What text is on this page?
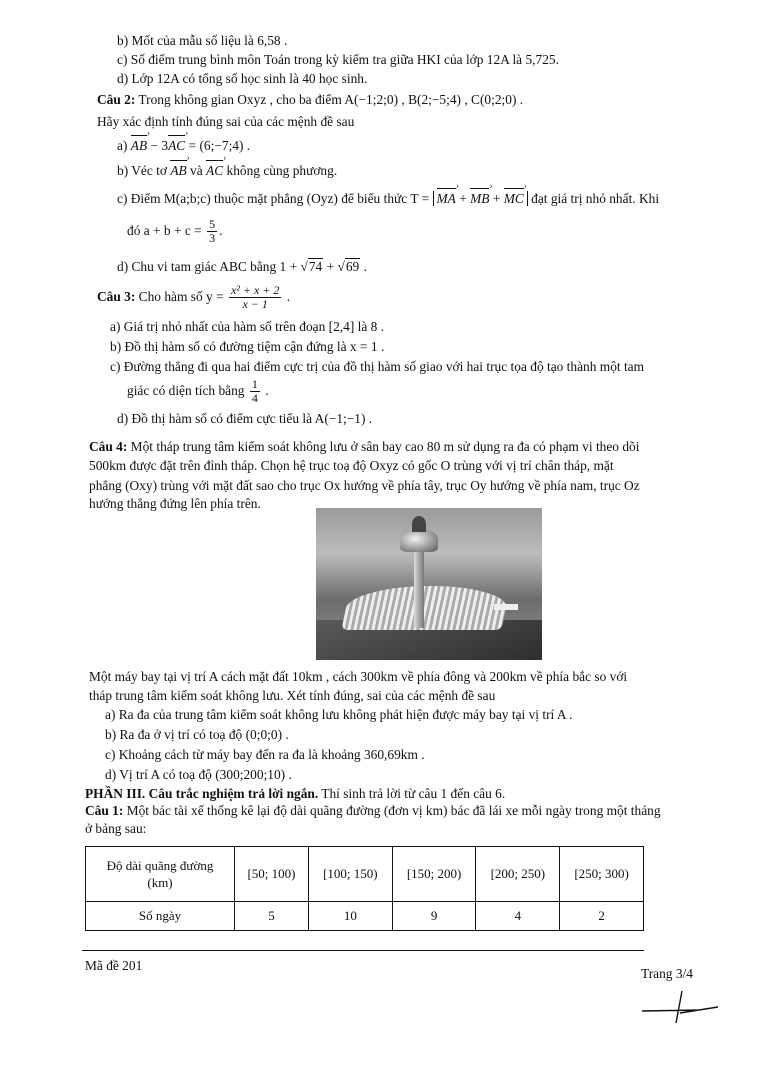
b) Mốt của mẫu số liệu là 6,58 .
c) Số điểm trung bình môn Toán trong kỳ kiểm tra giữa HKI của lớp 12A là 5,725.
d) Lớp 12A có tổng số học sinh là 40 học sinh.
Câu 2: Trong không gian Oxyz , cho ba điểm A(−1;2;0) , B(2;−5;4) , C(0;2;0) .
Hãy xác định tính đúng sai của các mệnh đề sau
a) AB › − 3AC › = (6;−7;4) .
b) Véc tơ AB › và AC › không cùng phương.
c) Điểm M(a;b;c) thuộc mặt phẳng (Oyz) để biểu thức T = MA › + MB › + MC › đạt giá trị nhỏ nhất. Khi
đó $a + b + c = \frac{5}{3}$ .
d) Chu vi tam giác ABC bằng 1 + √74 + √69 .
Câu 3: Cho hàm số $y = \frac{\text{x² + x + 2}}{x - 1}$ .
a) Giá trị nhỏ nhất của hàm số trên đoạn [2,4] là 8 .
b) Đồ thị hàm số có đường tiệm cận đứng là x = 1 .
c) Đường thẳng đi qua hai điểm cực trị của đồ thị hàm số giao với hai trục tọa độ tạo thành một tam
giác có diện tích bằng $\frac{1}{4}$ .
d) Đồ thị hàm số có điểm cực tiểu là A(−1;−1) .
Câu 4: Một tháp trung tâm kiểm soát không lưu ở sân bay cao 80 m sử dụng ra đa có phạm vi theo dõi
500km được đặt trên đỉnh tháp. Chọn hệ trục toạ độ Oxyz có gốc O trùng với vị trí chân tháp, mặt
phẳng (Oxy) trùng với mặt đất sao cho trục Ox hướng về phía tây, trục Oy hướng về phía nam, trục Oz
hướng thẳng đứng lên phía trên.
Một máy bay tại vị trí A cách mặt đất 10km , cách 300km về phía đông và 200km về phía bắc so với
tháp trung tâm kiểm soát không lưu. Xét tính đúng, sai của các mệnh đề sau
a) Ra đa của trung tâm kiểm soát không lưu không phát hiện được máy bay tại vị trí A .
b) Ra đa ở vị trí có toạ độ (0;0;0) .
c) Khoảng cách từ máy bay đến ra đa là khoảng 360,69km .
d) Vị trí A có toạ độ (300;200;10) .
PHẦN III. Câu trắc nghiệm trả lời ngắn. Thí sinh trả lời từ câu 1 đến câu 6.
Câu 1: Một bác tài xế thống kê lại độ dài quãng đường (đơn vị km) bác đã lái xe mỗi ngày trong một tháng
ở bảng sau:
Độ dài quãng đường
(km)	[50; 100)	[100; 150)	[150; 200)	[200; 250)	[250; 300)
Số ngày	5	10	9	4	2
Mã đề 201
Trang 3/4
